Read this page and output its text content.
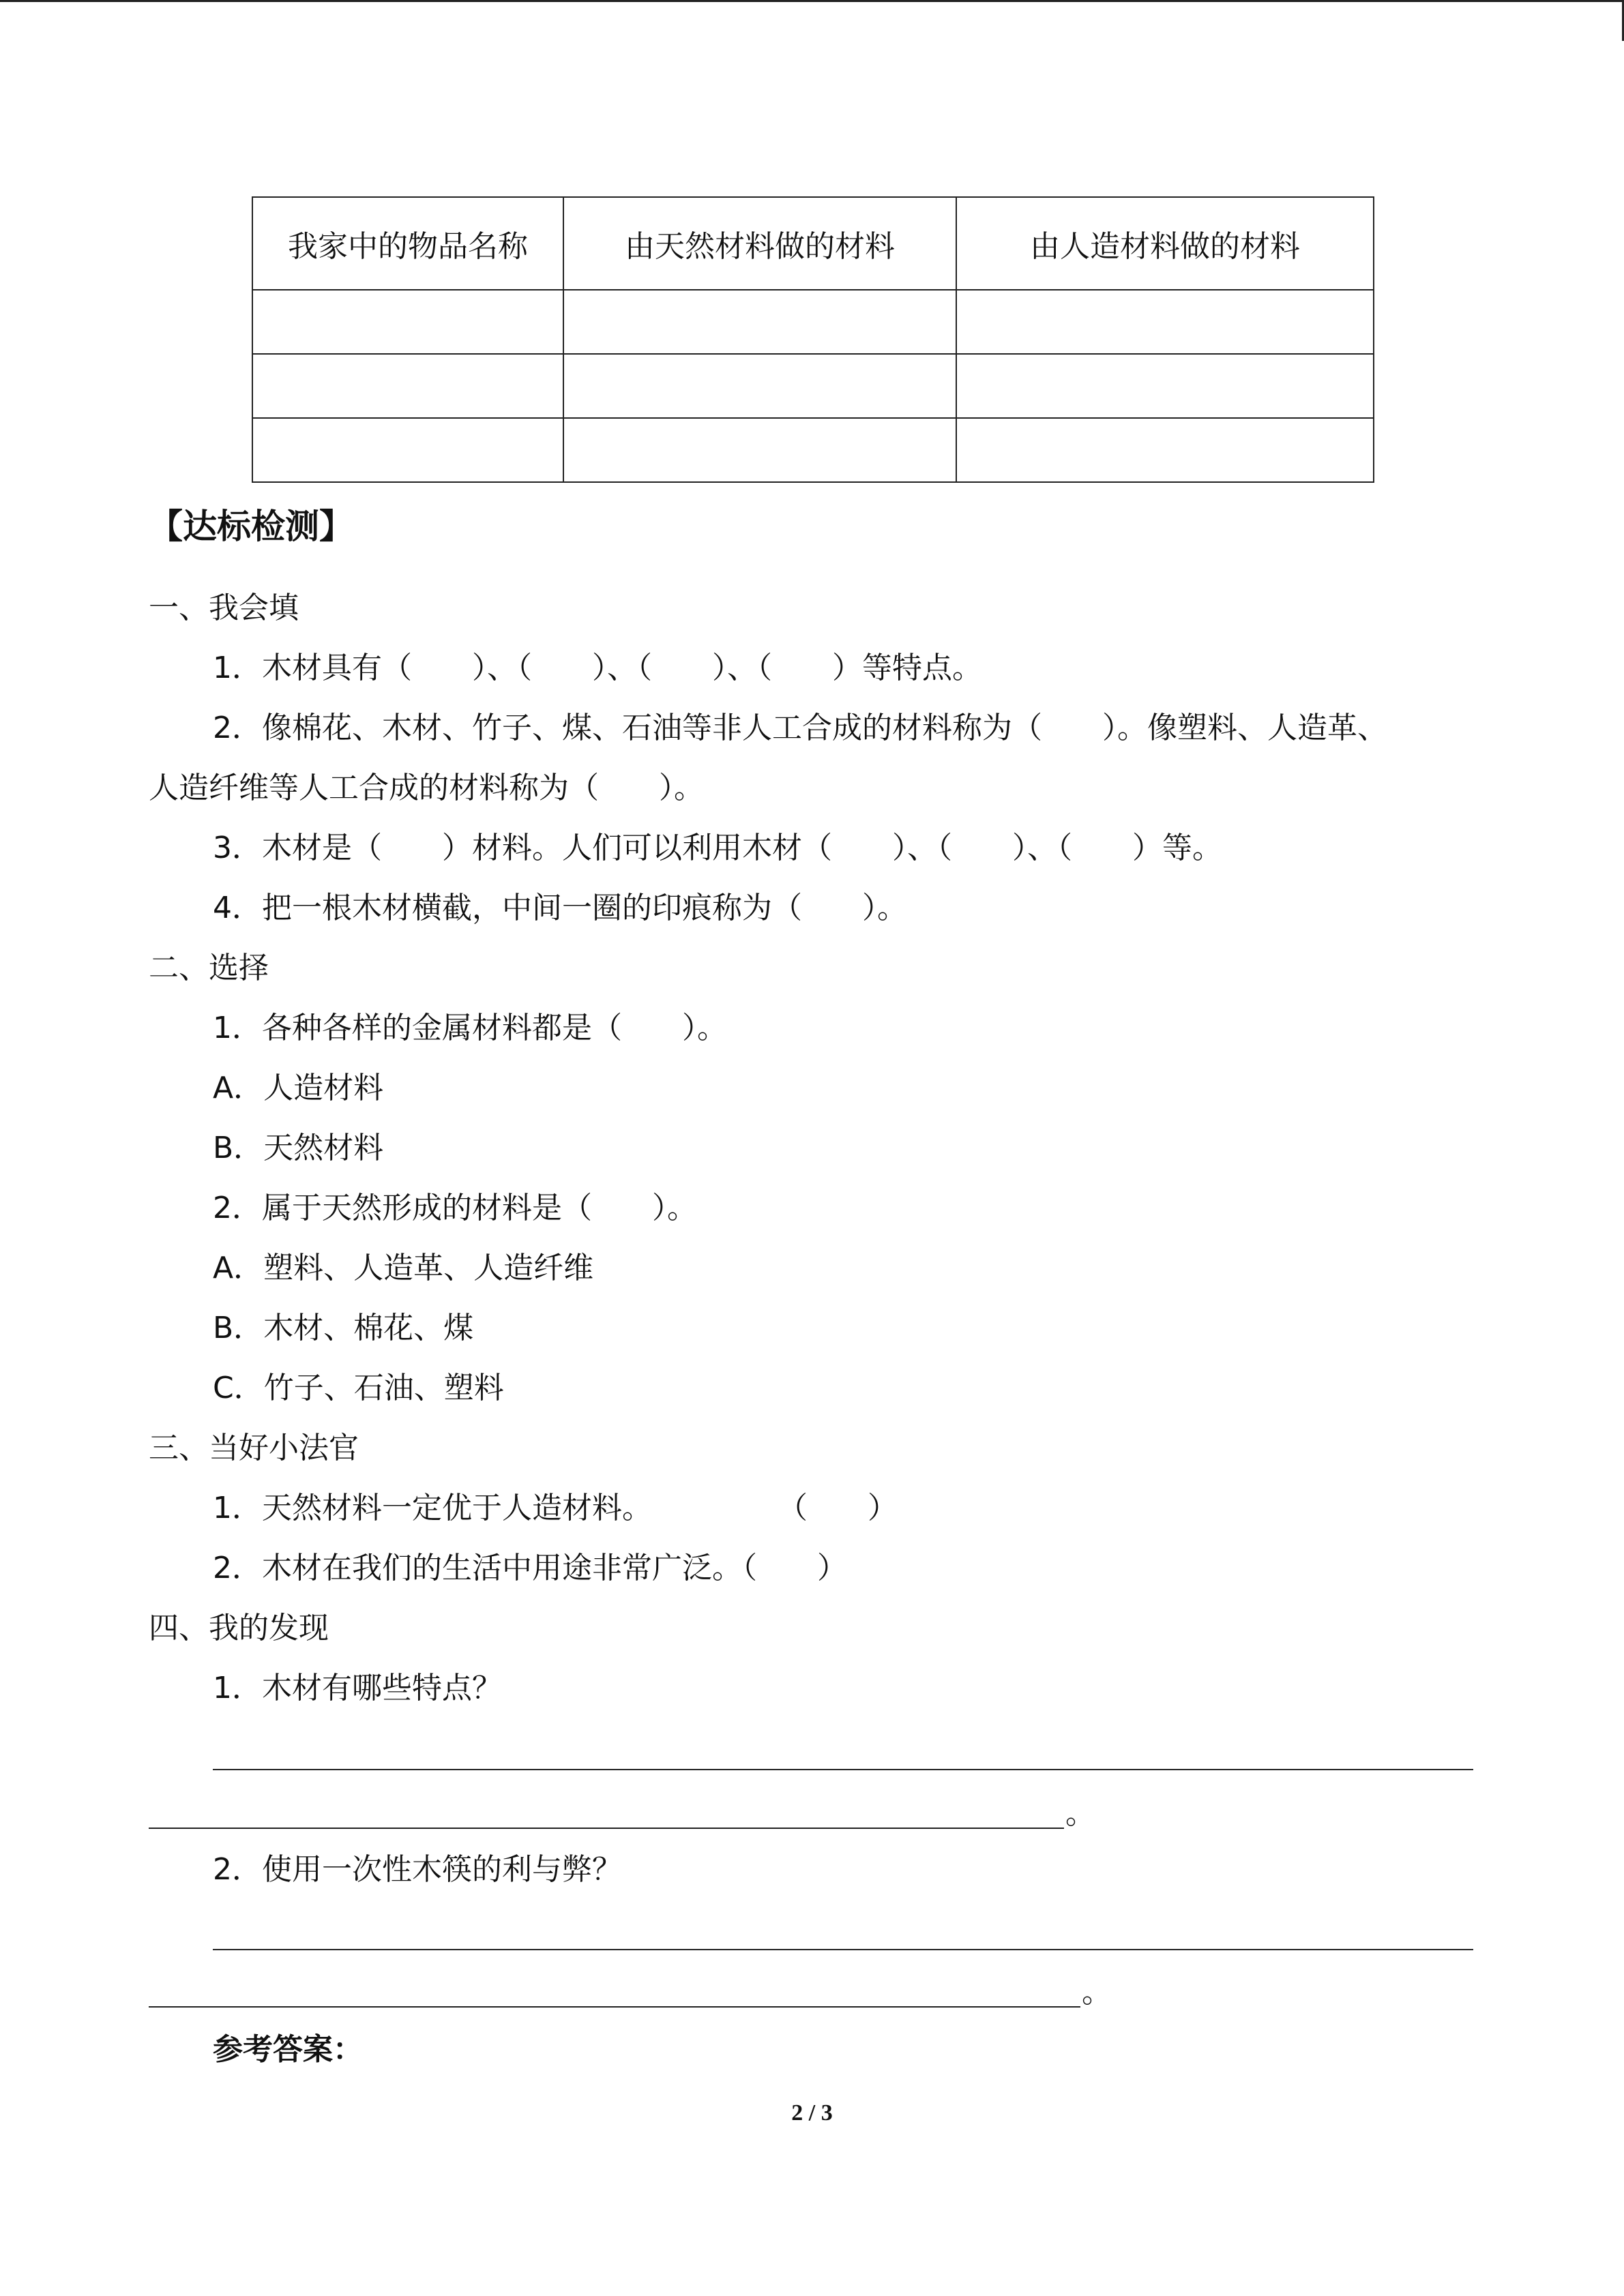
我家中的物品名称	由天然材料做的材料	由人造材料做的材料

【达标检测】
一、我会填
1．木材具有（　　）、（　　）、（　　）、（　　）等特点。
2．像棉花、木材、竹子、煤、石油等非人工合成的材料称为（　　）。像塑料、人造革、
人造纤维等人工合成的材料称为（　　）。
3．木材是（　　）材料。人们可以利用木材（　　）、（　　）、（　　）等。
4．把一根木材横截，中间一圈的印痕称为（　　）。
二、选择
1．各种各样的金属材料都是（　　）。
A．人造材料
B．天然材料
2．属于天然形成的材料是（　　）。
A．塑料、人造革、人造纤维
B．木材、棉花、煤
C．竹子、石油、塑料
三、当好小法官
1．天然材料一定优于人造材料。	（　　）
2．木材在我们的生活中用途非常广泛。（　　）
四、我的发现
1．木材有哪些特点？
。
2．使用一次性木筷的利与弊？
。
参考答案：
2 / 3
